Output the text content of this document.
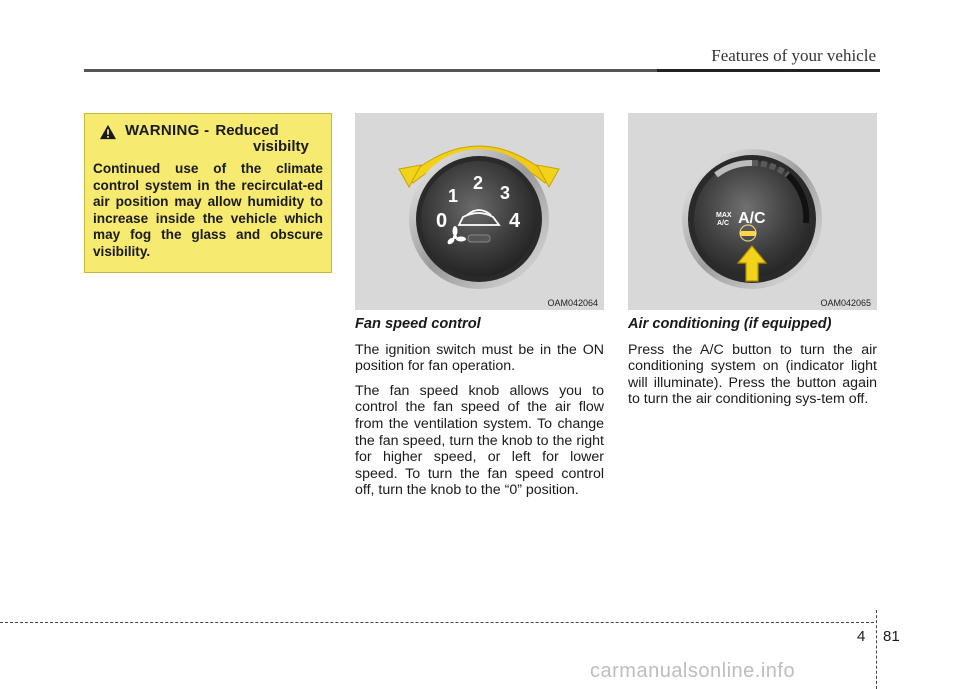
Features of your vehicle
WARNING - Reduced
visibilty
Continued use of the climate control system in the recirculat-ed air position may allow humidity to increase inside the vehicle which may fog the glass and obscure visibility.
0
1
2 3
4
OAM042064
MAX
A/C A/C
OAM042065
Fan speed control

The ignition switch must be in the ON position for fan operation.

The fan speed knob allows you to control the fan speed of the air flow from the ventilation system. To change the fan speed, turn the knob to the right for higher speed, or left for lower speed. To turn the fan speed control off, turn the knob to the “0” position.

Air conditioning (if equipped)

Press the A/C button to turn the air conditioning system on (indicator light will illuminate). Press the button again to turn the air conditioning sys-tem off.

4 81
carmanualsonline.info
